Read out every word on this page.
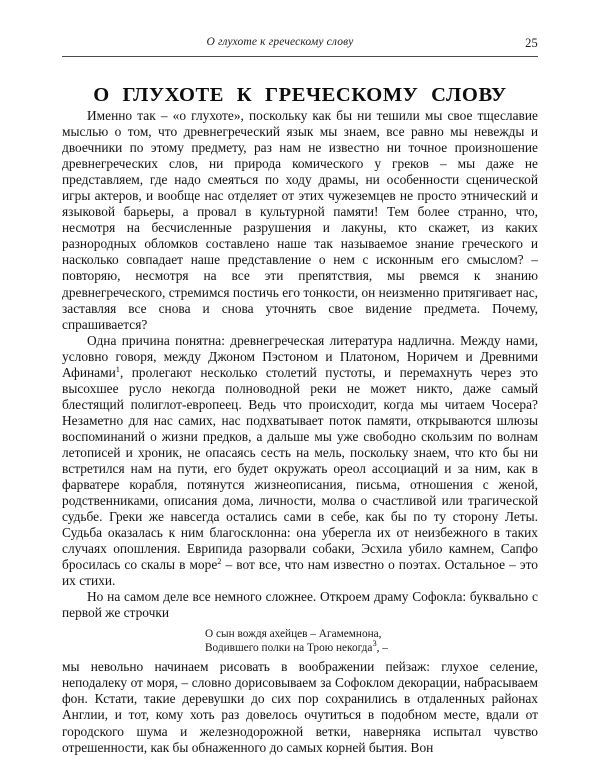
О глухоте к греческому слову	25
О ГЛУХОТЕ К ГРЕЧЕСКОМУ СЛОВУ

Именно так – «о глухоте», поскольку как бы ни тешили мы свое тщеславие мыслью о том, что древнегреческий язык мы знаем, все равно мы невежды и двоечники по этому предмету, раз нам не известно ни точное произношение древнегреческих слов, ни природа комического у греков – мы даже не представляем, где надо смеяться по ходу драмы, ни особенности сценической игры актеров, и вообще нас отделяет от этих чужеземцев не просто этнический и языковой барьеры, а провал в культурной памяти! Тем более странно, что, несмотря на бесчисленные разрушения и лакуны, кто скажет, из каких разнородных обломков составлено наше так называемое знание греческого и насколько совпадает наше представление о нем с исконным его смыслом? – повторяю, несмотря на все эти препятствия, мы рвемся к знанию древнегреческого, стремимся постичь его тонкости, он неизменно притягивает нас, заставляя все снова и снова уточнять свое видение предмета. Почему, спрашивается?

Одна причина понятна: древнегреческая литература надлична. Между нами, условно говоря, между Джоном Пэстоном и Платоном, Норичем и Древними Афинами$^1$, пролегают несколько столетий пустоты, и перемахнуть через это высохшее русло некогда полноводной реки не может никто, даже самый блестящий полиглот-европеец. Ведь что происходит, когда мы читаем Чосера? Незаметно для нас самих, нас подхватывает поток памяти, открываются шлюзы воспоминаний о жизни предков, а дальше мы уже свободно скользим по волнам летописей и хроник, не опасаясь сесть на мель, поскольку знаем, что кто бы ни встретился нам на пути, его будет окружать ореол ассоциаций и за ним, как в фарватере корабля, потянутся жизнеописания, письма, отношения с женой, родственниками, описания дома, личности, молва о счастливой или трагической судьбе. Греки же навсегда остались сами в себе, как бы по ту сторону Леты. Судьба оказалась к ним благосклонна: она уберегла их от неизбежного в таких случаях опошления. Еврипида разорвали собаки, Эсхила убило камнем, Сапфо бросилась со скалы в море$^2$ – вот все, что нам известно о поэтах. Остальное – это их стихи.

Но на самом деле все немного сложнее. Откроем драму Софокла: буквально с первой же строчки

О сын вождя ахейцев – Агамемнона,
Водившего полки на Трою некогда$^3$, –

мы невольно начинаем рисовать в воображении пейзаж: глухое селение, неподалеку от моря, – словно дорисовываем за Софоклом декорации, набрасываем фон. Кстати, такие деревушки до сих пор сохранились в отдаленных районах Англии, и тот, кому хоть раз довелось очутиться в подобном месте, вдали от городского шума и железнодорожной ветки, наверняка испытал чувство отрешенности, как бы обнаженного до самых корней бытия. Вон
